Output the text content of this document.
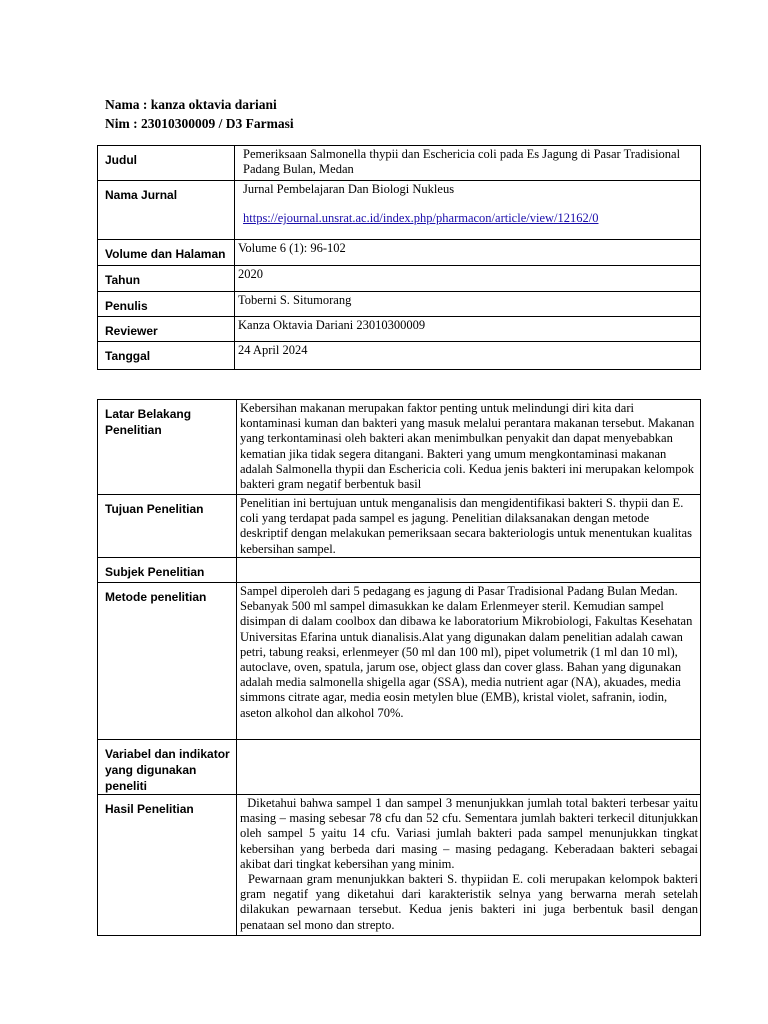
Nama : kanza oktavia dariani
Nim : 23010300009 / D3 Farmasi
Judul	Pemeriksaan Salmonella thypii dan Eschericia coli pada Es Jagung di Pasar Tradisional Padang Bulan, Medan
Nama Jurnal	Jurnal Pembelajaran Dan Biologi Nukleus
https://ejournal.unsrat.ac.id/index.php/pharmacon/article/view/12162/0
Volume dan Halaman	Volume 6 (1): 96-102
Tahun	2020
Penulis	Toberni S. Situmorang
Reviewer	Kanza Oktavia Dariani 23010300009
Tanggal	24 April 2024
Latar Belakang Penelitian	Kebersihan makanan merupakan faktor penting untuk melindungi diri kita dari kontaminasi kuman dan bakteri yang masuk melalui perantara makanan tersebut. Makanan yang terkontaminasi oleh bakteri akan menimbulkan penyakit dan dapat menyebabkan kematian jika tidak segera ditangani. Bakteri yang umum mengkontaminasi makanan adalah Salmonella thypii dan Eschericia coli. Kedua jenis bakteri ini merupakan kelompok bakteri gram negatif berbentuk basil
Tujuan Penelitian	Penelitian ini bertujuan untuk menganalisis dan mengidentifikasi bakteri S. thypii dan E. coli yang terdapat pada sampel es jagung. Penelitian dilaksanakan dengan metode deskriptif dengan melakukan pemeriksaan secara bakteriologis untuk menentukan kualitas kebersihan sampel.
Subjek Penelitian	
Metode penelitian	Sampel diperoleh dari 5 pedagang es jagung di Pasar Tradisional Padang Bulan Medan. Sebanyak 500 ml sampel dimasukkan ke dalam Erlenmeyer steril. Kemudian sampel disimpan di dalam coolbox dan dibawa ke laboratorium Mikrobiologi, Fakultas Kesehatan Universitas Efarina untuk dianalisis.Alat yang digunakan dalam penelitian adalah cawan petri, tabung reaksi, erlenmeyer (50 ml dan 100 ml), pipet volumetrik (1 ml dan 10 ml), autoclave, oven, spatula, jarum ose, object glass dan cover glass. Bahan yang digunakan adalah media salmonella shigella agar (SSA), media nutrient agar (NA), akuades, media simmons citrate agar, media eosin metylen blue (EMB), kristal violet, safranin, iodin, aseton alkohol dan alkohol 70%.
Variabel dan indikator yang digunakan peneliti	
Hasil Penelitian	Diketahui bahwa sampel 1 dan sampel 3 menunjukkan jumlah total bakteri terbesar yaitu masing – masing sebesar 78 cfu dan 52 cfu. Sementara jumlah bakteri terkecil ditunjukkan oleh sampel 5 yaitu 14 cfu. Variasi jumlah bakteri pada sampel menunjukkan tingkat kebersihan yang berbeda dari masing – masing pedagang. Keberadaan bakteri sebagai akibat dari tingkat kebersihan yang minim.
Pewarnaan gram menunjukkan bakteri S. thypiidan E. coli merupakan kelompok bakteri gram negatif yang diketahui dari karakteristik selnya yang berwarna merah setelah dilakukan pewarnaan tersebut. Kedua jenis bakteri ini juga berbentuk basil dengan penataan sel mono dan strepto.
